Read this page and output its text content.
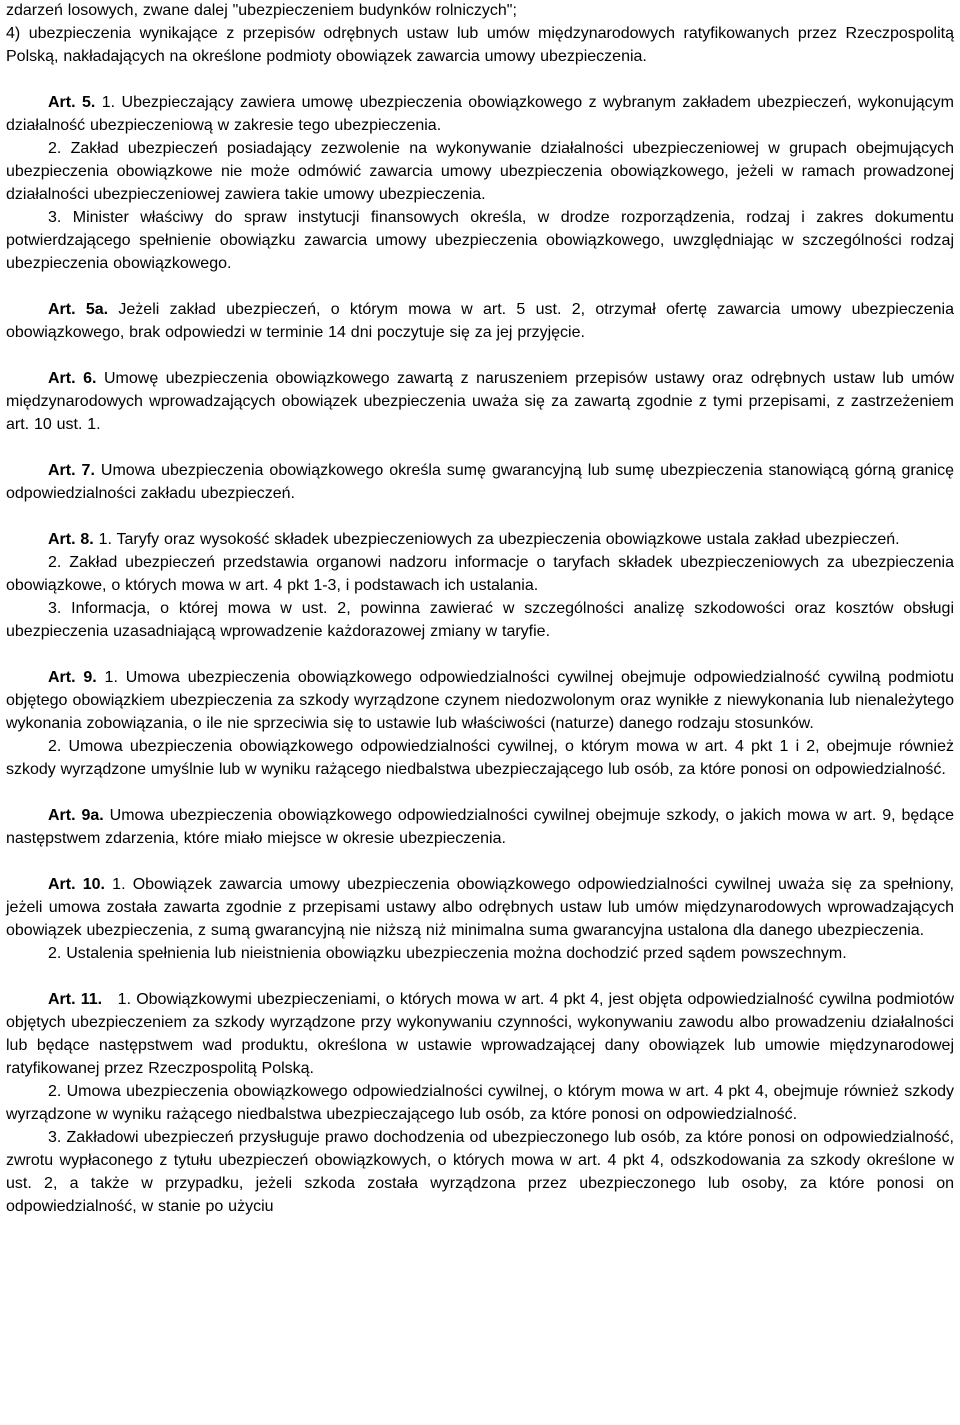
zdarzeń losowych, zwane dalej "ubezpieczeniem budynków rolniczych";

4) ubezpieczenia wynikające z przepisów odrębnych ustaw lub umów międzynarodowych ratyfikowanych przez Rzeczpospolitą Polską, nakładających na określone podmioty obowiązek zawarcia umowy ubezpieczenia.

Art. 5. 1. Ubezpieczający zawiera umowę ubezpieczenia obowiązkowego z wybranym zakładem ubezpieczeń, wykonującym działalność ubezpieczeniową w zakresie tego ubezpieczenia.

2. Zakład ubezpieczeń posiadający zezwolenie na wykonywanie działalności ubezpieczeniowej w grupach obejmujących ubezpieczenia obowiązkowe nie może odmówić zawarcia umowy ubezpieczenia obowiązkowego, jeżeli w ramach prowadzonej działalności ubezpieczeniowej zawiera takie umowy ubezpieczenia.

3. Minister właściwy do spraw instytucji finansowych określa, w drodze rozporządzenia, rodzaj i zakres dokumentu potwierdzającego spełnienie obowiązku zawarcia umowy ubezpieczenia obowiązkowego, uwzględniając w szczególności rodzaj ubezpieczenia obowiązkowego.

Art. 5a. Jeżeli zakład ubezpieczeń, o którym mowa w art. 5 ust. 2, otrzymał ofertę zawarcia umowy ubezpieczenia obowiązkowego, brak odpowiedzi w terminie 14 dni poczytuje się za jej przyjęcie.

Art. 6. Umowę ubezpieczenia obowiązkowego zawartą z naruszeniem przepisów ustawy oraz odrębnych ustaw lub umów międzynarodowych wprowadzających obowiązek ubezpieczenia uważa się za zawartą zgodnie z tymi przepisami, z zastrzeżeniem art. 10 ust. 1.

Art. 7. Umowa ubezpieczenia obowiązkowego określa sumę gwarancyjną lub sumę ubezpieczenia stanowiącą górną granicę odpowiedzialności zakładu ubezpieczeń.

Art. 8. 1. Taryfy oraz wysokość składek ubezpieczeniowych za ubezpieczenia obowiązkowe ustala zakład ubezpieczeń.

2. Zakład ubezpieczeń przedstawia organowi nadzoru informacje o taryfach składek ubezpieczeniowych za ubezpieczenia obowiązkowe, o których mowa w art. 4 pkt 1-3, i podstawach ich ustalania.

3. Informacja, o której mowa w ust. 2, powinna zawierać w szczególności analizę szkodowości oraz kosztów obsługi ubezpieczenia uzasadniającą wprowadzenie każdorazowej zmiany w taryfie.

Art. 9. 1. Umowa ubezpieczenia obowiązkowego odpowiedzialności cywilnej obejmuje odpowiedzialność cywilną podmiotu objętego obowiązkiem ubezpieczenia za szkody wyrządzone czynem niedozwolonym oraz wynikłe z niewykonania lub nienależytego wykonania zobowiązania, o ile nie sprzeciwia się to ustawie lub właściwości (naturze) danego rodzaju stosunków.

2. Umowa ubezpieczenia obowiązkowego odpowiedzialności cywilnej, o którym mowa w art. 4 pkt 1 i 2, obejmuje również szkody wyrządzone umyślnie lub w wyniku rażącego niedbalstwa ubezpieczającego lub osób, za które ponosi on odpowiedzialność.

Art. 9a. Umowa ubezpieczenia obowiązkowego odpowiedzialności cywilnej obejmuje szkody, o jakich mowa w art. 9, będące następstwem zdarzenia, które miało miejsce w okresie ubezpieczenia.

Art. 10. 1. Obowiązek zawarcia umowy ubezpieczenia obowiązkowego odpowiedzialności cywilnej uważa się za spełniony, jeżeli umowa została zawarta zgodnie z przepisami ustawy albo odrębnych ustaw lub umów międzynarodowych wprowadzających obowiązek ubezpieczenia, z sumą gwarancyjną nie niższą niż minimalna suma gwarancyjna ustalona dla danego ubezpieczenia.

2. Ustalenia spełnienia lub nieistnienia obowiązku ubezpieczenia można dochodzić przed sądem powszechnym.

Art. 11. 1. Obowiązkowymi ubezpieczeniami, o których mowa w art. 4 pkt 4, jest objęta odpowiedzialność cywilna podmiotów objętych ubezpieczeniem za szkody wyrządzone przy wykonywaniu czynności, wykonywaniu zawodu albo prowadzeniu działalności lub będące następstwem wad produktu, określona w ustawie wprowadzającej dany obowiązek lub umowie międzynarodowej ratyfikowanej przez Rzeczpospolitą Polską.

2. Umowa ubezpieczenia obowiązkowego odpowiedzialności cywilnej, o którym mowa w art. 4 pkt 4, obejmuje również szkody wyrządzone w wyniku rażącego niedbalstwa ubezpieczającego lub osób, za które ponosi on odpowiedzialność.

3. Zakładowi ubezpieczeń przysługuje prawo dochodzenia od ubezpieczonego lub osób, za które ponosi on odpowiedzialność, zwrotu wypłaconego z tytułu ubezpieczeń obowiązkowych, o których mowa w art. 4 pkt 4, odszkodowania za szkody określone w ust. 2, a także w przypadku, jeżeli szkoda została wyrządzona przez ubezpieczonego lub osoby, za które ponosi on odpowiedzialność, w stanie po użyciu
